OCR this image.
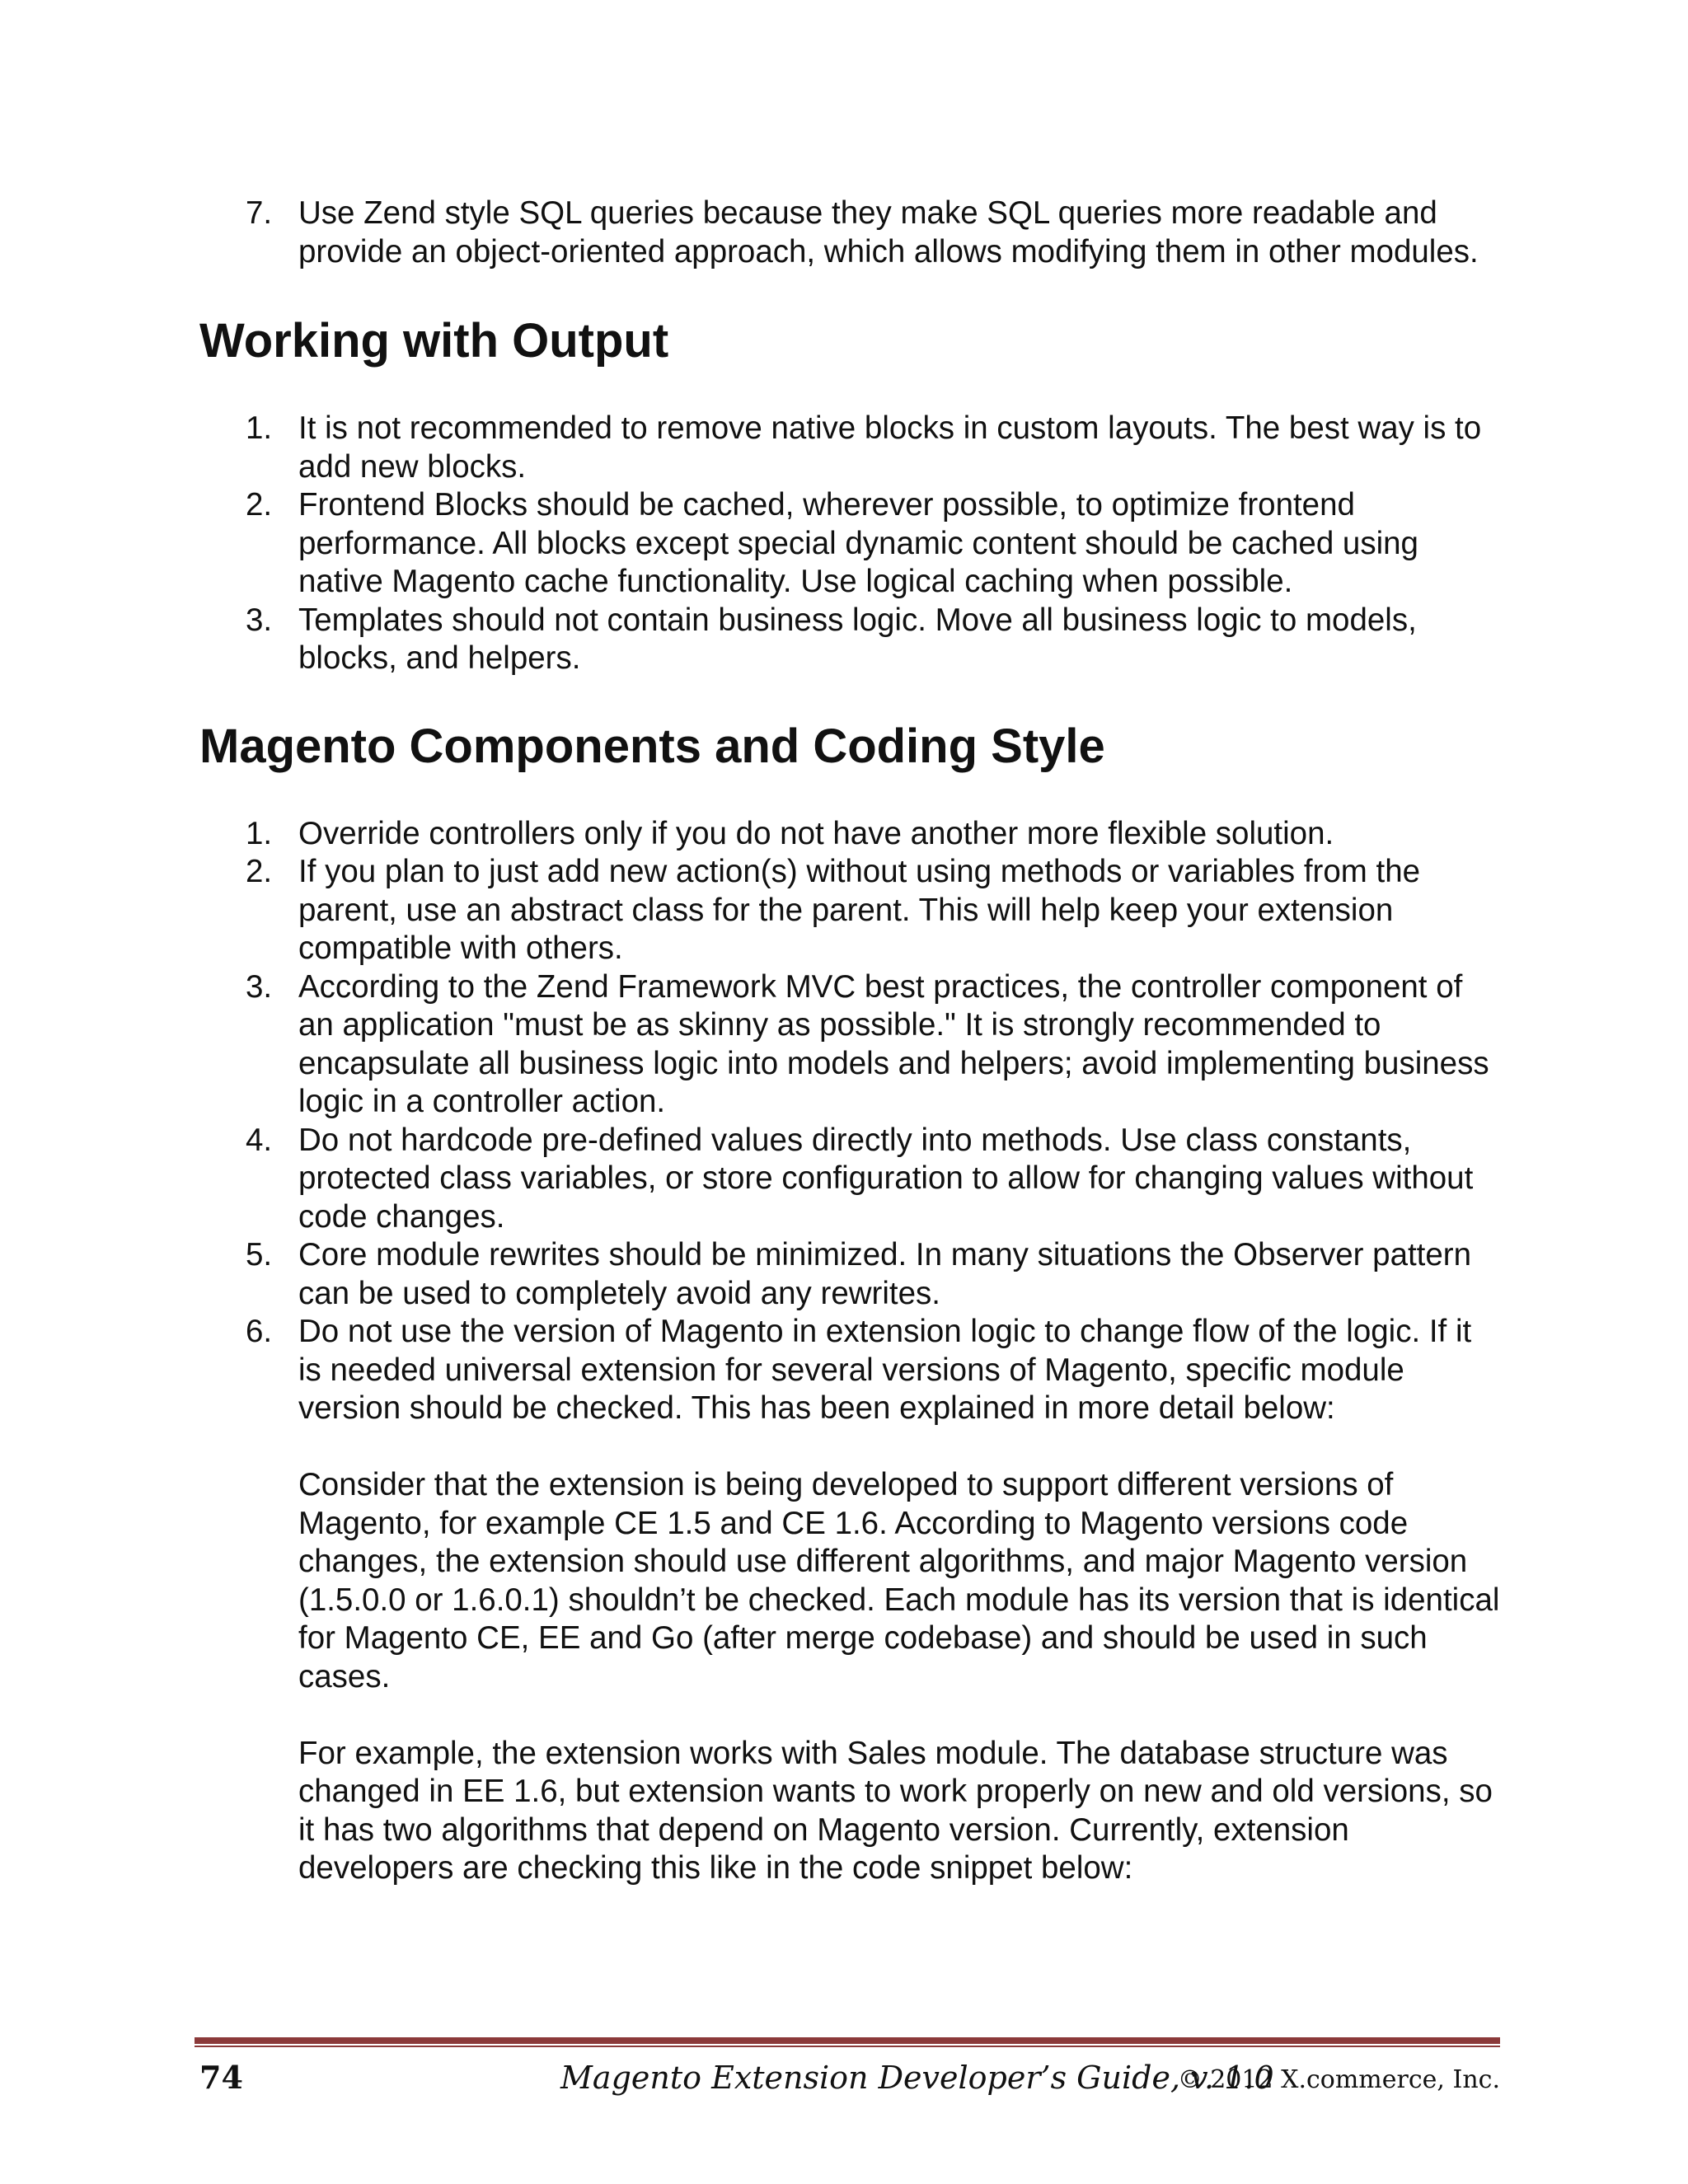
7. Use Zend style SQL queries because they make SQL queries more readable and provide an object-oriented approach, which allows modifying them in other modules.

Working with Output
1. It is not recommended to remove native blocks in custom layouts. The best way is to add new blocks.

2. Frontend Blocks should be cached, wherever possible, to optimize frontend performance. All blocks except special dynamic content should be cached using native Magento cache functionality. Use logical caching when possible.

3. Templates should not contain business logic. Move all business logic to models, blocks, and helpers.

Magento Components and Coding Style
1. Override controllers only if you do not have another more flexible solution.

2. If you plan to just add new action(s) without using methods or variables from the parent, use an abstract class for the parent. This will help keep your extension compatible with others.

3. According to the Zend Framework MVC best practices, the controller component of an application "must be as skinny as possible." It is strongly recommended to encapsulate all business logic into models and helpers; avoid implementing business logic in a controller action.

4. Do not hardcode pre-defined values directly into methods. Use class constants, protected class variables, or store configuration to allow for changing values without code changes.

5. Core module rewrites should be minimized. In many situations the Observer pattern can be used to completely avoid any rewrites.

6. Do not use the version of Magento in extension logic to change flow of the logic. If it is needed universal extension for several versions of Magento, specific module version should be checked. This has been explained in more detail below:

Consider that the extension is being developed to support different versions of Magento, for example CE 1.5 and CE 1.6. According to Magento versions code changes, the extension should use different algorithms, and major Magento version (1.5.0.0 or 1.6.0.1) shouldn’t be checked. Each module has its version that is identical for Magento CE, EE and Go (after merge codebase) and should be used in such cases.

For example, the extension works with Sales module. The database structure was changed in EE 1.6, but extension wants to work properly on new and old versions, so it has two algorithms that depend on Magento version. Currently, extension developers are checking this like in the code snippet below:

74	Magento Extension Developer’s Guide, v. 1.0
© 2012 X.commerce, Inc.
